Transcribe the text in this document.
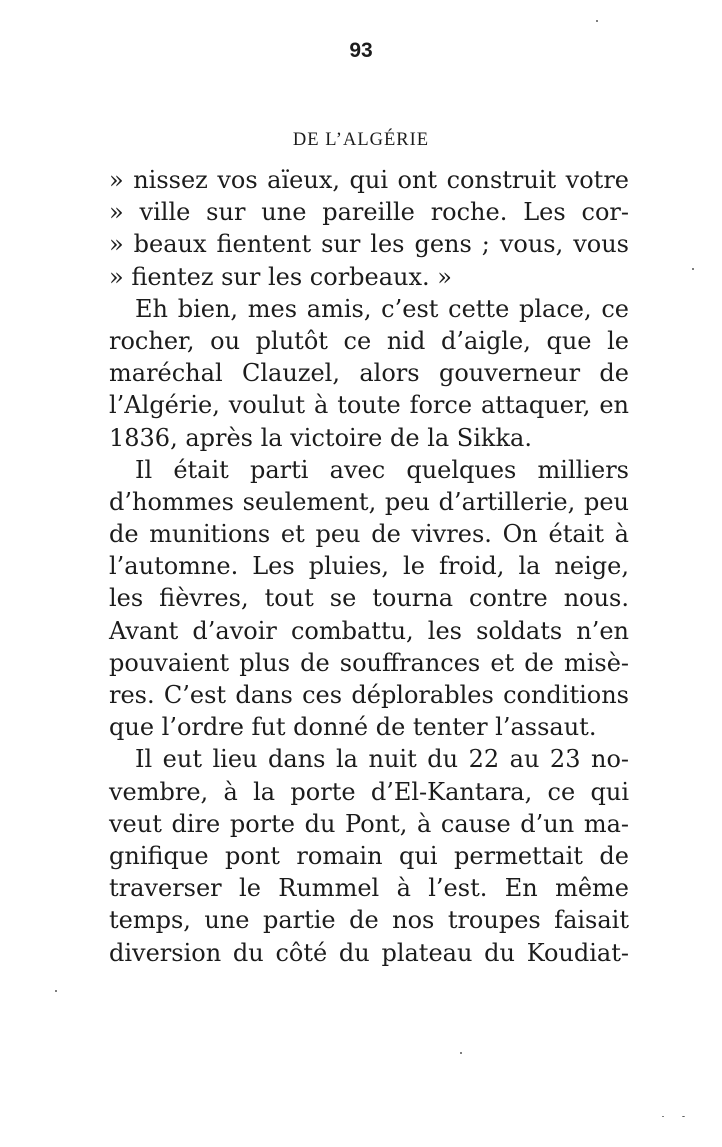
93
DE L’ALGÉRIE
» nissez vos aïeux, qui ont construit votre
» ville sur une pareille roche. Les cor-
» beaux fientent sur les gens ; vous, vous
» fientez sur les corbeaux. »
Eh bien, mes amis, c’est cette place, ce
rocher, ou plutôt ce nid d’aigle, que le
maréchal Clauzel, alors gouverneur de
l’Algérie, voulut à toute force attaquer, en
1836, après la victoire de la Sikka.
Il était parti avec quelques milliers
d’hommes seulement, peu d’artillerie, peu
de munitions et peu de vivres. On était à
l’automne. Les pluies, le froid, la neige,
les fièvres, tout se tourna contre nous.
Avant d’avoir combattu, les soldats n’en
pouvaient plus de souffrances et de misè-
res. C’est dans ces déplorables conditions
que l’ordre fut donné de tenter l’assaut.
Il eut lieu dans la nuit du 22 au 23 no-
vembre, à la porte d’El-Kantara, ce qui
veut dire porte du Pont, à cause d’un ma-
gnifique pont romain qui permettait de
traverser le Rummel à l’est. En même
temps, une partie de nos troupes faisait
diversion du côté du plateau du Koudiat-
